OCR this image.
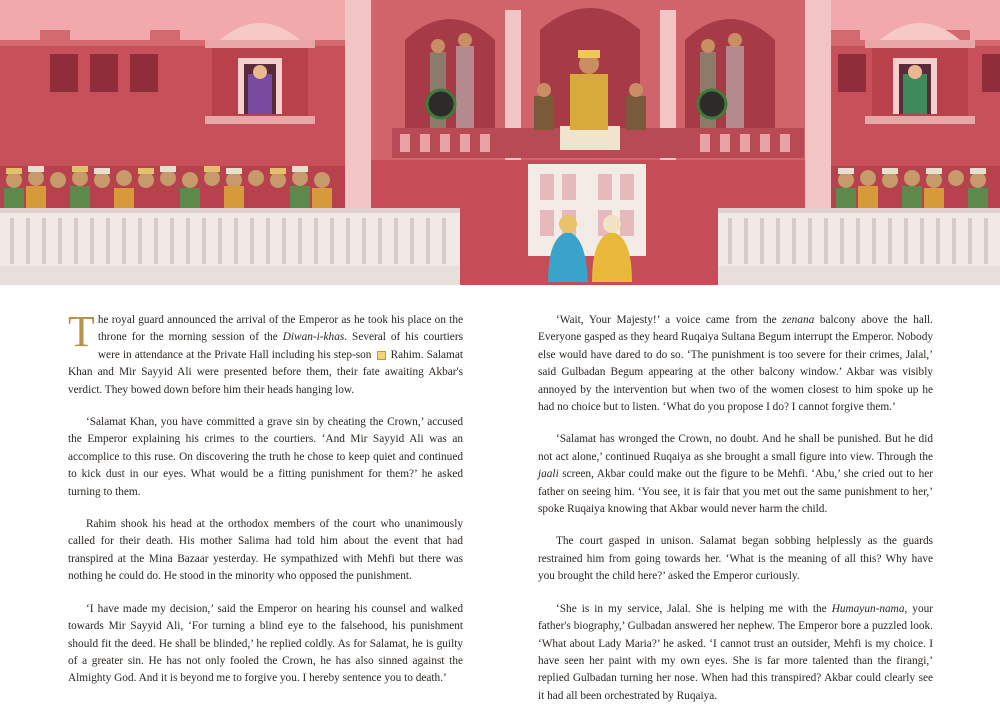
The royal guard announced the arrival of the Emperor as he took his place on the throne for the morning session of the Diwan-i-khas. Several of his courtiers were in attendance at the Private Hall including his step-son  Rahim. Salamat Khan and Mir Sayyid Ali were presented before them, their fate awaiting Akbar's verdict. They bowed down before him their heads hanging low.

‘Salamat Khan, you have committed a grave sin by cheating the Crown,’ accused the Emperor explaining his crimes to the courtiers. ‘And Mir Sayyid Ali was an accomplice to this ruse. On discovering the truth he chose to keep quiet and continued to kick dust in our eyes. What would be a fitting punishment for them?’ he asked turning to them.

Rahim shook his head at the orthodox members of the court who unanimously called for their death. His mother Salima had told him about the event that had transpired at the Mina Bazaar yesterday. He sympathized with Mehfi but there was nothing he could do. He stood in the minority who opposed the punishment.

‘I have made my decision,’ said the Emperor on hearing his counsel and walked towards Mir Sayyid Ali, ‘For turning a blind eye to the falsehood, his punishment should fit the deed. He shall be blinded,’ he replied coldly. As for Salamat, he is guilty of a greater sin. He has not only fooled the Crown, he has also sinned against the Almighty God. And it is beyond me to forgive you. I hereby sentence you to death.’

‘Wait, Your Majesty!’ a voice came from the zenana balcony above the hall. Everyone gasped as they heard Ruqaiya Sultana Begum interrupt the Emperor. Nobody else would have dared to do so. ‘The punishment is too severe for their crimes, Jalal,’ said Gulbadan Begum appearing at the other balcony window.’ Akbar was visibly annoyed by the intervention but when two of the women closest to him spoke up he had no choice but to listen. ‘What do you propose I do? I cannot forgive them.’

‘Salamat has wronged the Crown, no doubt. And he shall be punished. But he did not act alone,’ continued Ruqaiya as she brought a small figure into view. Through the jaali screen, Akbar could make out the figure to be Mehfi. ‘Abu,’ she cried out to her father on seeing him. ‘You see, it is fair that you met out the same punishment to her,’ spoke Ruqaiya knowing that Akbar would never harm the child.

The court gasped in unison. Salamat began sobbing helplessly as the guards restrained him from going towards her. ‘What is the meaning of all this? Why have you brought the child here?’ asked the Emperor curiously.

‘She is in my service, Jalal. She is helping me with the Humayun-nama, your father's biography,’ Gulbadan answered her nephew. The Emperor bore a puzzled look. ‘What about Lady Maria?’ he asked. ‘I cannot trust an outsider, Mehfi is my choice. I have seen her paint with my own eyes. She is far more talented than the firangi,’ replied Gulbadan turning her nose. When had this transpired? Akbar could clearly see it had all been orchestrated by Ruqaiya.
